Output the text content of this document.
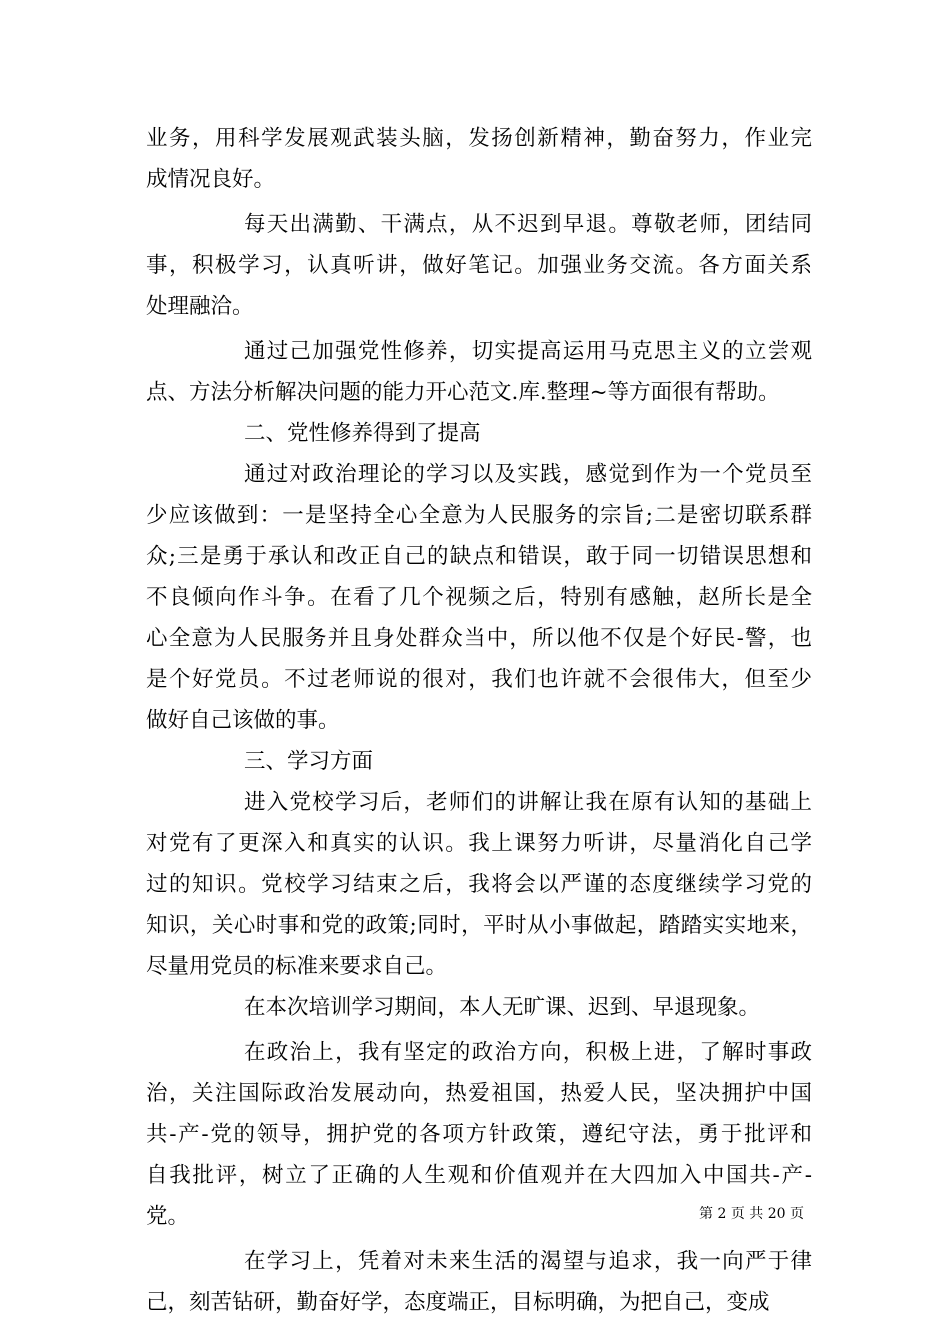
业务，用科学发展观武装头脑，发扬创新精神，勤奋努力，作业完
成情况良好。
每天出满勤、干满点，从不迟到早退。尊敬老师，团结同
事，积极学习，认真听讲，做好笔记。加强业务交流。各方面关系
处理融洽。
通过己加强党性修养，切实提高运用马克思主义的立尝观
点、方法分析解决问题的能力开心范文.库.整理~等方面很有帮助。
二、党性修养得到了提高
通过对政治理论的学习以及实践，感觉到作为一个党员至
少应该做到：一是坚持全心全意为人民服务的宗旨;二是密切联系群
众;三是勇于承认和改正自己的缺点和错误，敢于同一切错误思想和
不良倾向作斗争。在看了几个视频之后，特别有感触，赵所长是全
心全意为人民服务并且身处群众当中，所以他不仅是个好民-警，也
是个好党员。不过老师说的很对，我们也许就不会很伟大，但至少
做好自己该做的事。
三、学习方面
进入党校学习后，老师们的讲解让我在原有认知的基础上
对党有了更深入和真实的认识。我上课努力听讲，尽量消化自己学
过的知识。党校学习结束之后，我将会以严谨的态度继续学习党的
知识，关心时事和党的政策;同时，平时从小事做起，踏踏实实地来，
尽量用党员的标准来要求自己。
在本次培训学习期间，本人无旷课、迟到、早退现象。
在政治上，我有坚定的政治方向，积极上进，了解时事政
治，关注国际政治发展动向，热爱祖国，热爱人民，坚决拥护中国
共-产-党的领导，拥护党的各项方针政策，遵纪守法，勇于批评和
自我批评，树立了正确的人生观和价值观并在大四加入中国共-产-
党。
在学习上，凭着对未来生活的渴望与追求，我一向严于律
己，刻苦钻研，勤奋好学，态度端正，目标明确，为把自己，变成
第 2 页 共 20 页
